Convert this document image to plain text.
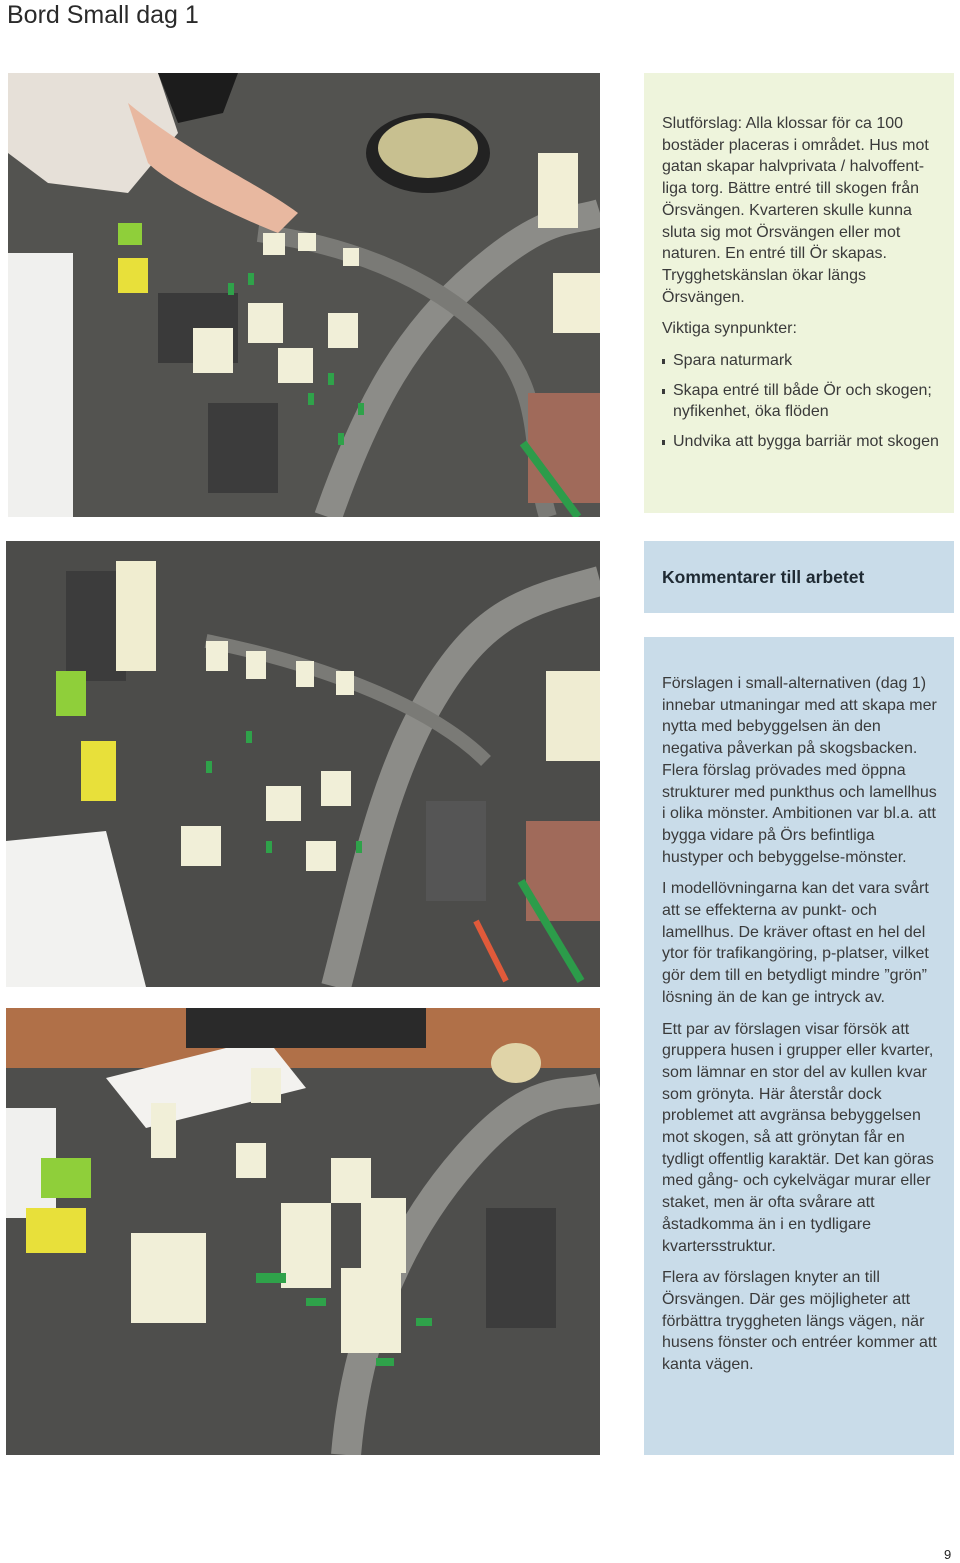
Bord Small dag 1

Slutförslag: Alla klossar för ca 100 bostäder placeras i området. Hus mot gatan skapar halvprivata / halvoffent-liga torg. Bättre entré till skogen från Örsvängen. Kvarteren skulle kunna sluta sig mot Örsvängen eller mot naturen. En entré till Ör skapas. Trygghetskänslan ökar längs Örsvängen.

Viktiga synpunkter:

Spara naturmark
Skapa entré till både Ör och skogen; nyfikenhet, öka flöden
Undvika att bygga barriär mot skogen
Kommentarer till arbetet

Förslagen i small-alternativen (dag 1) innebar utmaningar med att skapa mer nytta med bebyggelsen än den negativa påverkan på skogsbacken. Flera förslag prövades med öppna strukturer med punkthus och lamellhus i olika mönster. Ambitionen var bl.a. att bygga vidare på Örs befintliga hustyper och bebyggelse-mönster.

I modellövningarna kan det vara svårt att se effekterna av punkt- och lamellhus. De kräver oftast en hel del ytor för trafikangöring, p-platser, vilket gör dem till en betydligt mindre ”grön” lösning än de kan ge intryck av.

Ett par av förslagen visar försök att gruppera husen i grupper eller kvarter, som lämnar en stor del av kullen kvar som grönyta. Här återstår dock problemet att avgränsa bebyggelsen mot skogen, så att grönytan får en tydligt offentlig karaktär. Det kan göras med gång- och cykelvägar murar eller staket, men är ofta svårare att åstadkomma än i en tydligare kvartersstruktur.

Flera av förslagen knyter an till Örsvängen. Där ges möjligheter att förbättra tryggheten längs vägen, när husens fönster och entréer kommer att kanta vägen.

9
